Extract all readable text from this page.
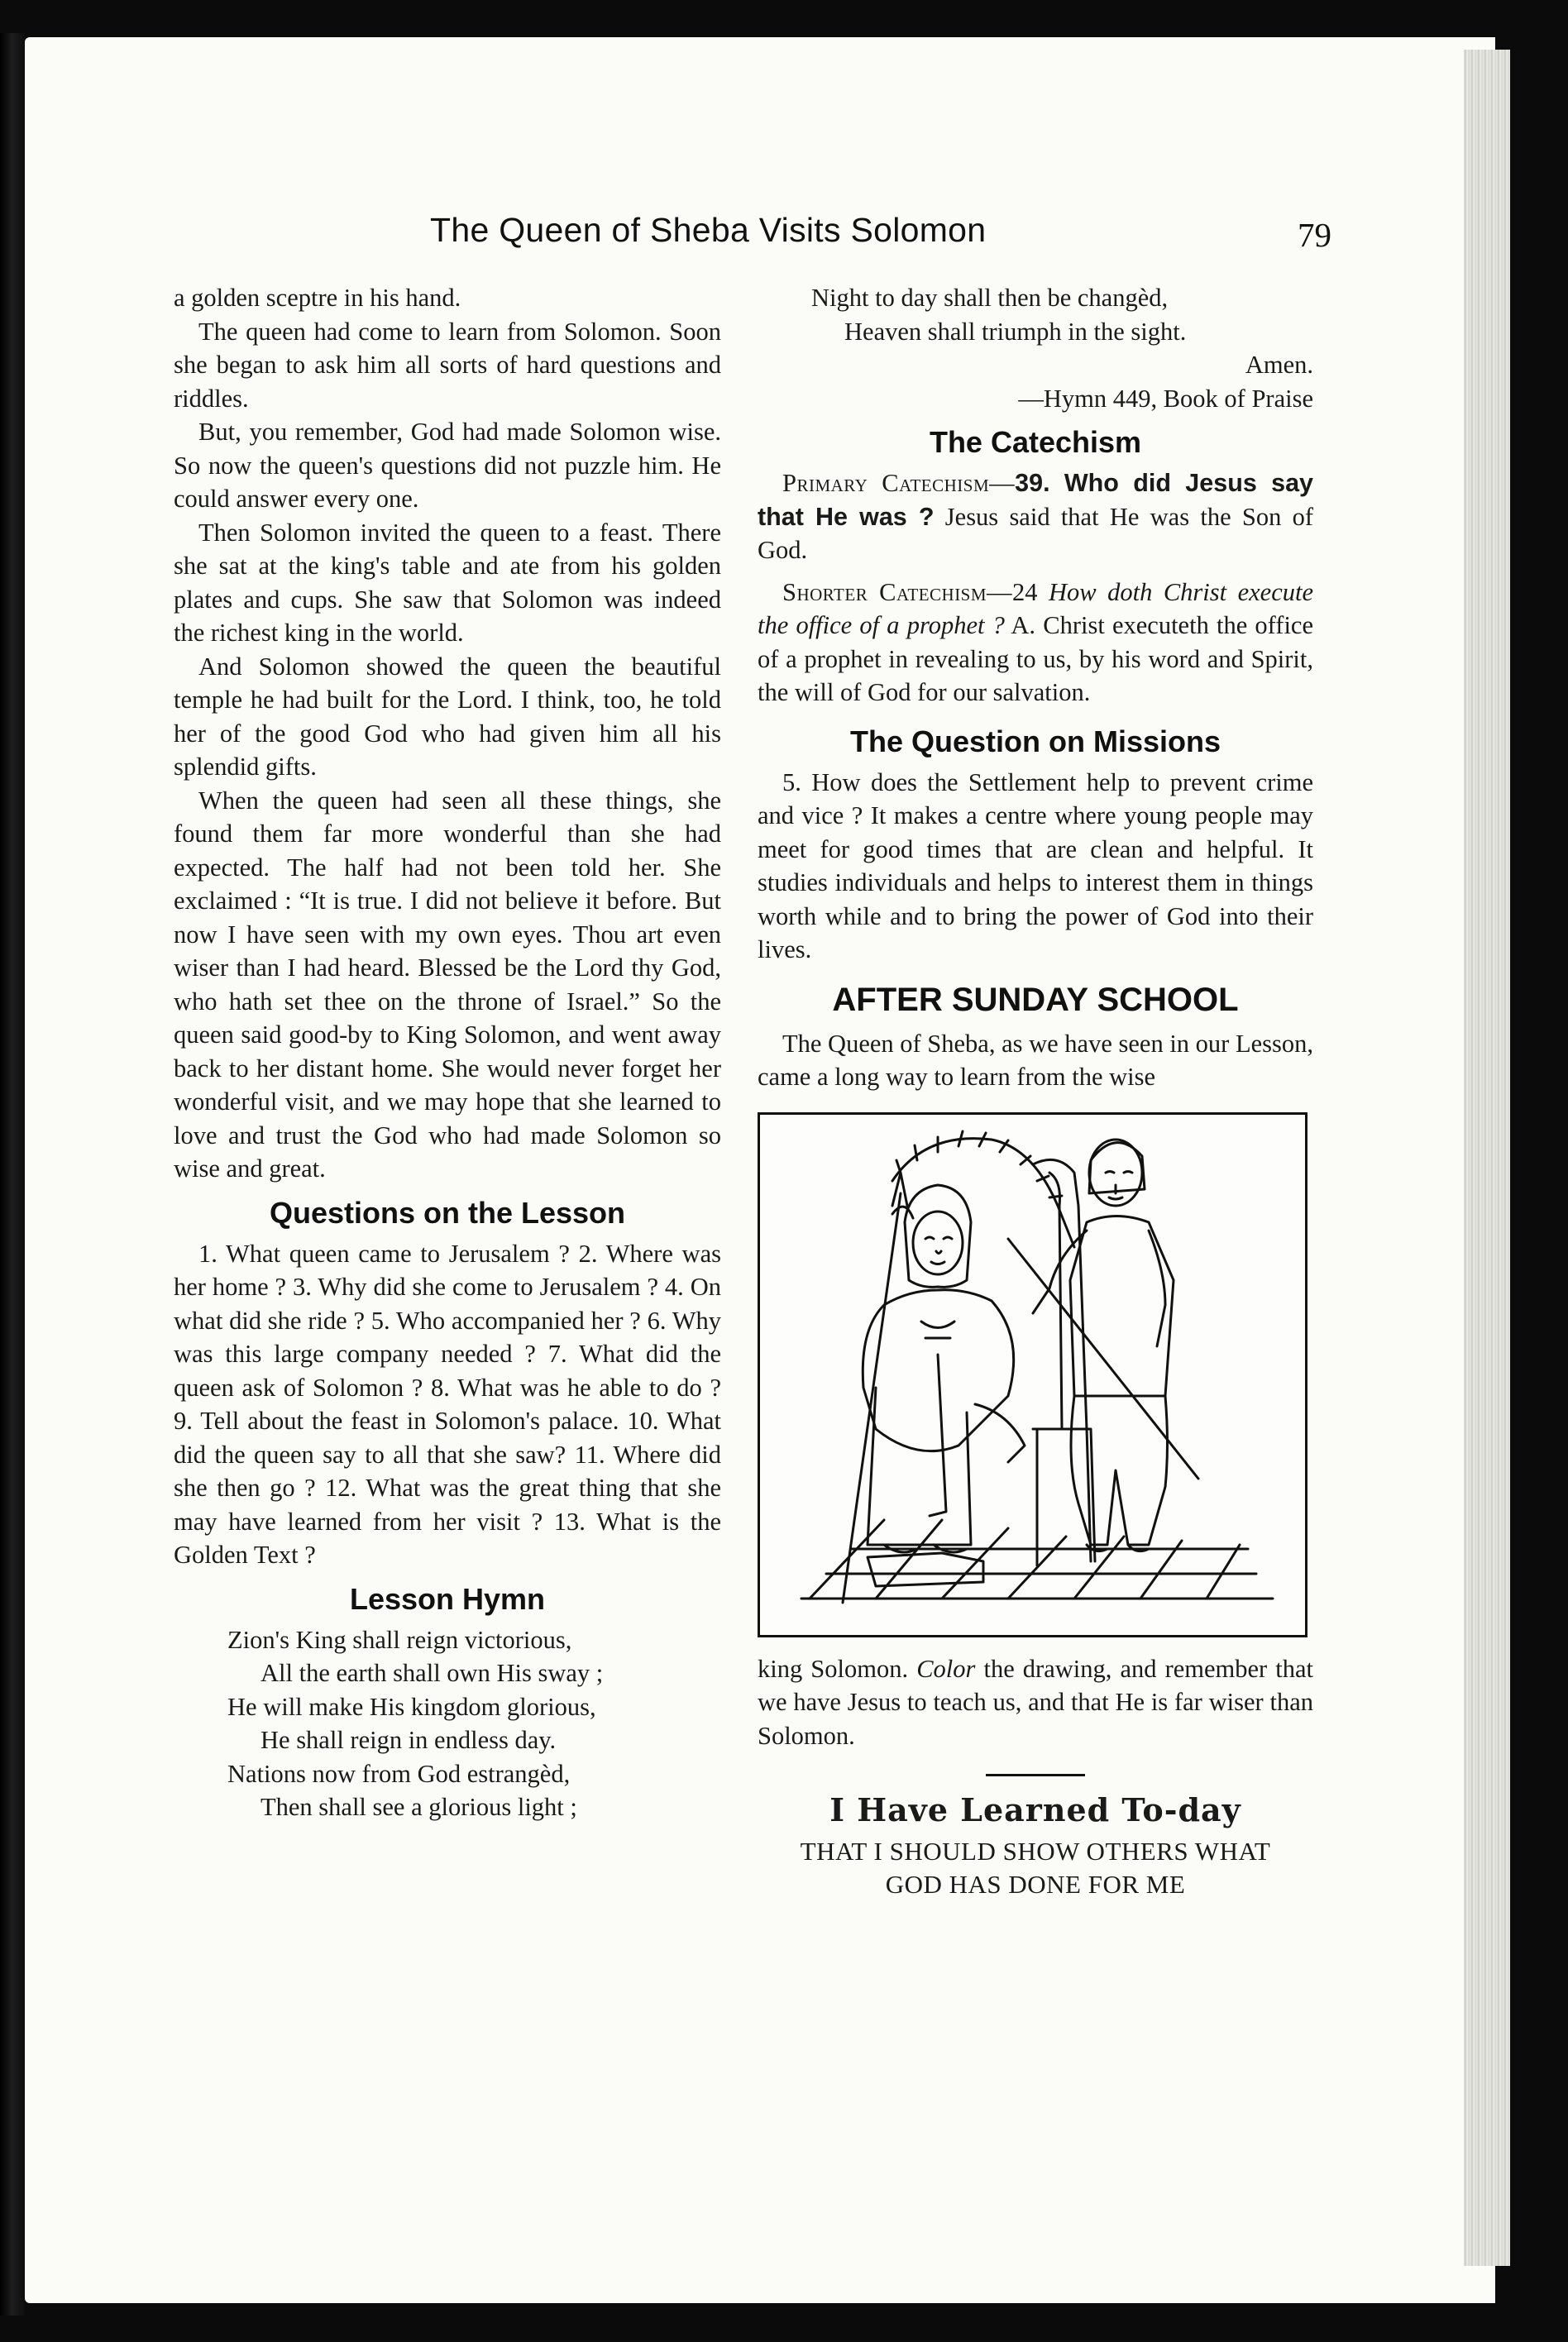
The Queen of Sheba Visits Solomon	79

a golden sceptre in his hand.

The queen had come to learn from Solomon. Soon she began to ask him all sorts of hard questions and riddles.

But, you remember, God had made Solomon wise. So now the queen's questions did not puzzle him. He could answer every one.

Then Solomon invited the queen to a feast. There she sat at the king's table and ate from his golden plates and cups. She saw that Solomon was indeed the richest king in the world.

And Solomon showed the queen the beautiful temple he had built for the Lord. I think, too, he told her of the good God who had given him all his splendid gifts.

When the queen had seen all these things, she found them far more wonderful than she had expected. The half had not been told her. She exclaimed : “It is true. I did not believe it before. But now I have seen with my own eyes. Thou art even wiser than I had heard. Blessed be the Lord thy God, who hath set thee on the throne of Israel.” So the queen said good-by to King Solomon, and went away back to her distant home. She would never forget her wonderful visit, and we may hope that she learned to love and trust the God who had made Solomon so wise and great.

Questions on the Lesson

1. What queen came to Jerusalem ? 2. Where was her home ? 3. Why did she come to Jerusalem ? 4. On what did she ride ? 5. Who accompanied her ? 6. Why was this large company needed ? 7. What did the queen ask of Solomon ? 8. What was he able to do ? 9. Tell about the feast in Solomon's palace. 10. What did the queen say to all that she saw? 11. Where did she then go ? 12. What was the great thing that she may have learned from her visit ? 13. What is the Golden Text ?

Lesson Hymn
Zion's King shall reign victorious,
All the earth shall own His sway ;
He will make His kingdom glorious,
He shall reign in endless day.
Nations now from God estrangèd,
Then shall see a glorious light ;
Night to day shall then be changèd,
Heaven shall triumph in the sight.

Amen.

—Hymn 449, Book of Praise

The Catechism

Primary Catechism—39. Who did Jesus say that He was ? Jesus said that He was the Son of God.

Shorter Catechism—24 How doth Christ execute the office of a prophet ? A. Christ executeth the office of a prophet in revealing to us, by his word and Spirit, the will of God for our salvation.

The Question on Missions

5. How does the Settlement help to prevent crime and vice ? It makes a centre where young people may meet for good times that are clean and helpful. It studies individuals and helps to interest them in things worth while and to bring the power of God into their lives.

AFTER SUNDAY SCHOOL

The Queen of Sheba, as we have seen in our Lesson, came a long way to learn from the wise

king Solomon. Color the drawing, and remember that we have Jesus to teach us, and that He is far wiser than Solomon.

I Have Learned To-day

THAT I SHOULD SHOW OTHERS WHAT

GOD HAS DONE FOR ME
